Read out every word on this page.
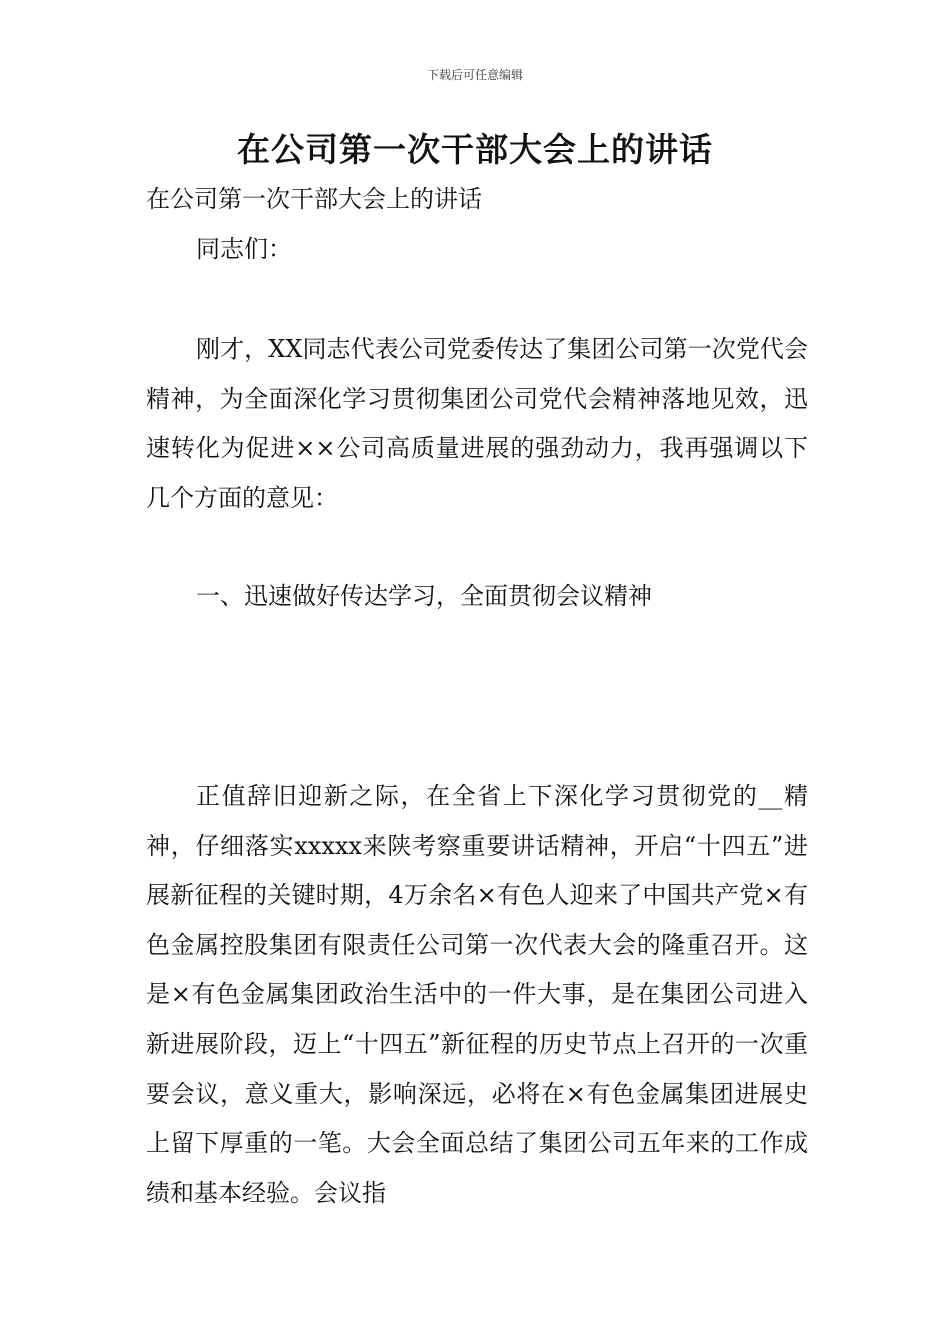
下载后可任意编辑
在公司第一次干部大会上的讲话
在公司第一次干部大会上的讲话
同志们：

刚才，XX同志代表公司党委传达了集团公司第一次党代会精神，为全面深化学习贯彻集团公司党代会精神落地见效，迅速转化为促进××公司高质量进展的强劲动力，我再强调以下几个方面的意见：

一、迅速做好传达学习，全面贯彻会议精神

正值辞旧迎新之际，在全省上下深化学习贯彻党的__精神，仔细落实xxxxx来陕考察重要讲话精神，开启“十四五”进展新征程的关键时期，4万余名×有色人迎来了中国共产党×有色金属控股集团有限责任公司第一次代表大会的隆重召开。这是×有色金属集团政治生活中的一件大事，是在集团公司进入新进展阶段，迈上“十四五”新征程的历史节点上召开的一次重要会议，意义重大，影响深远，必将在×有色金属集团进展史上留下厚重的一笔。大会全面总结了集团公司五年来的工作成绩和基本经验。会议指
